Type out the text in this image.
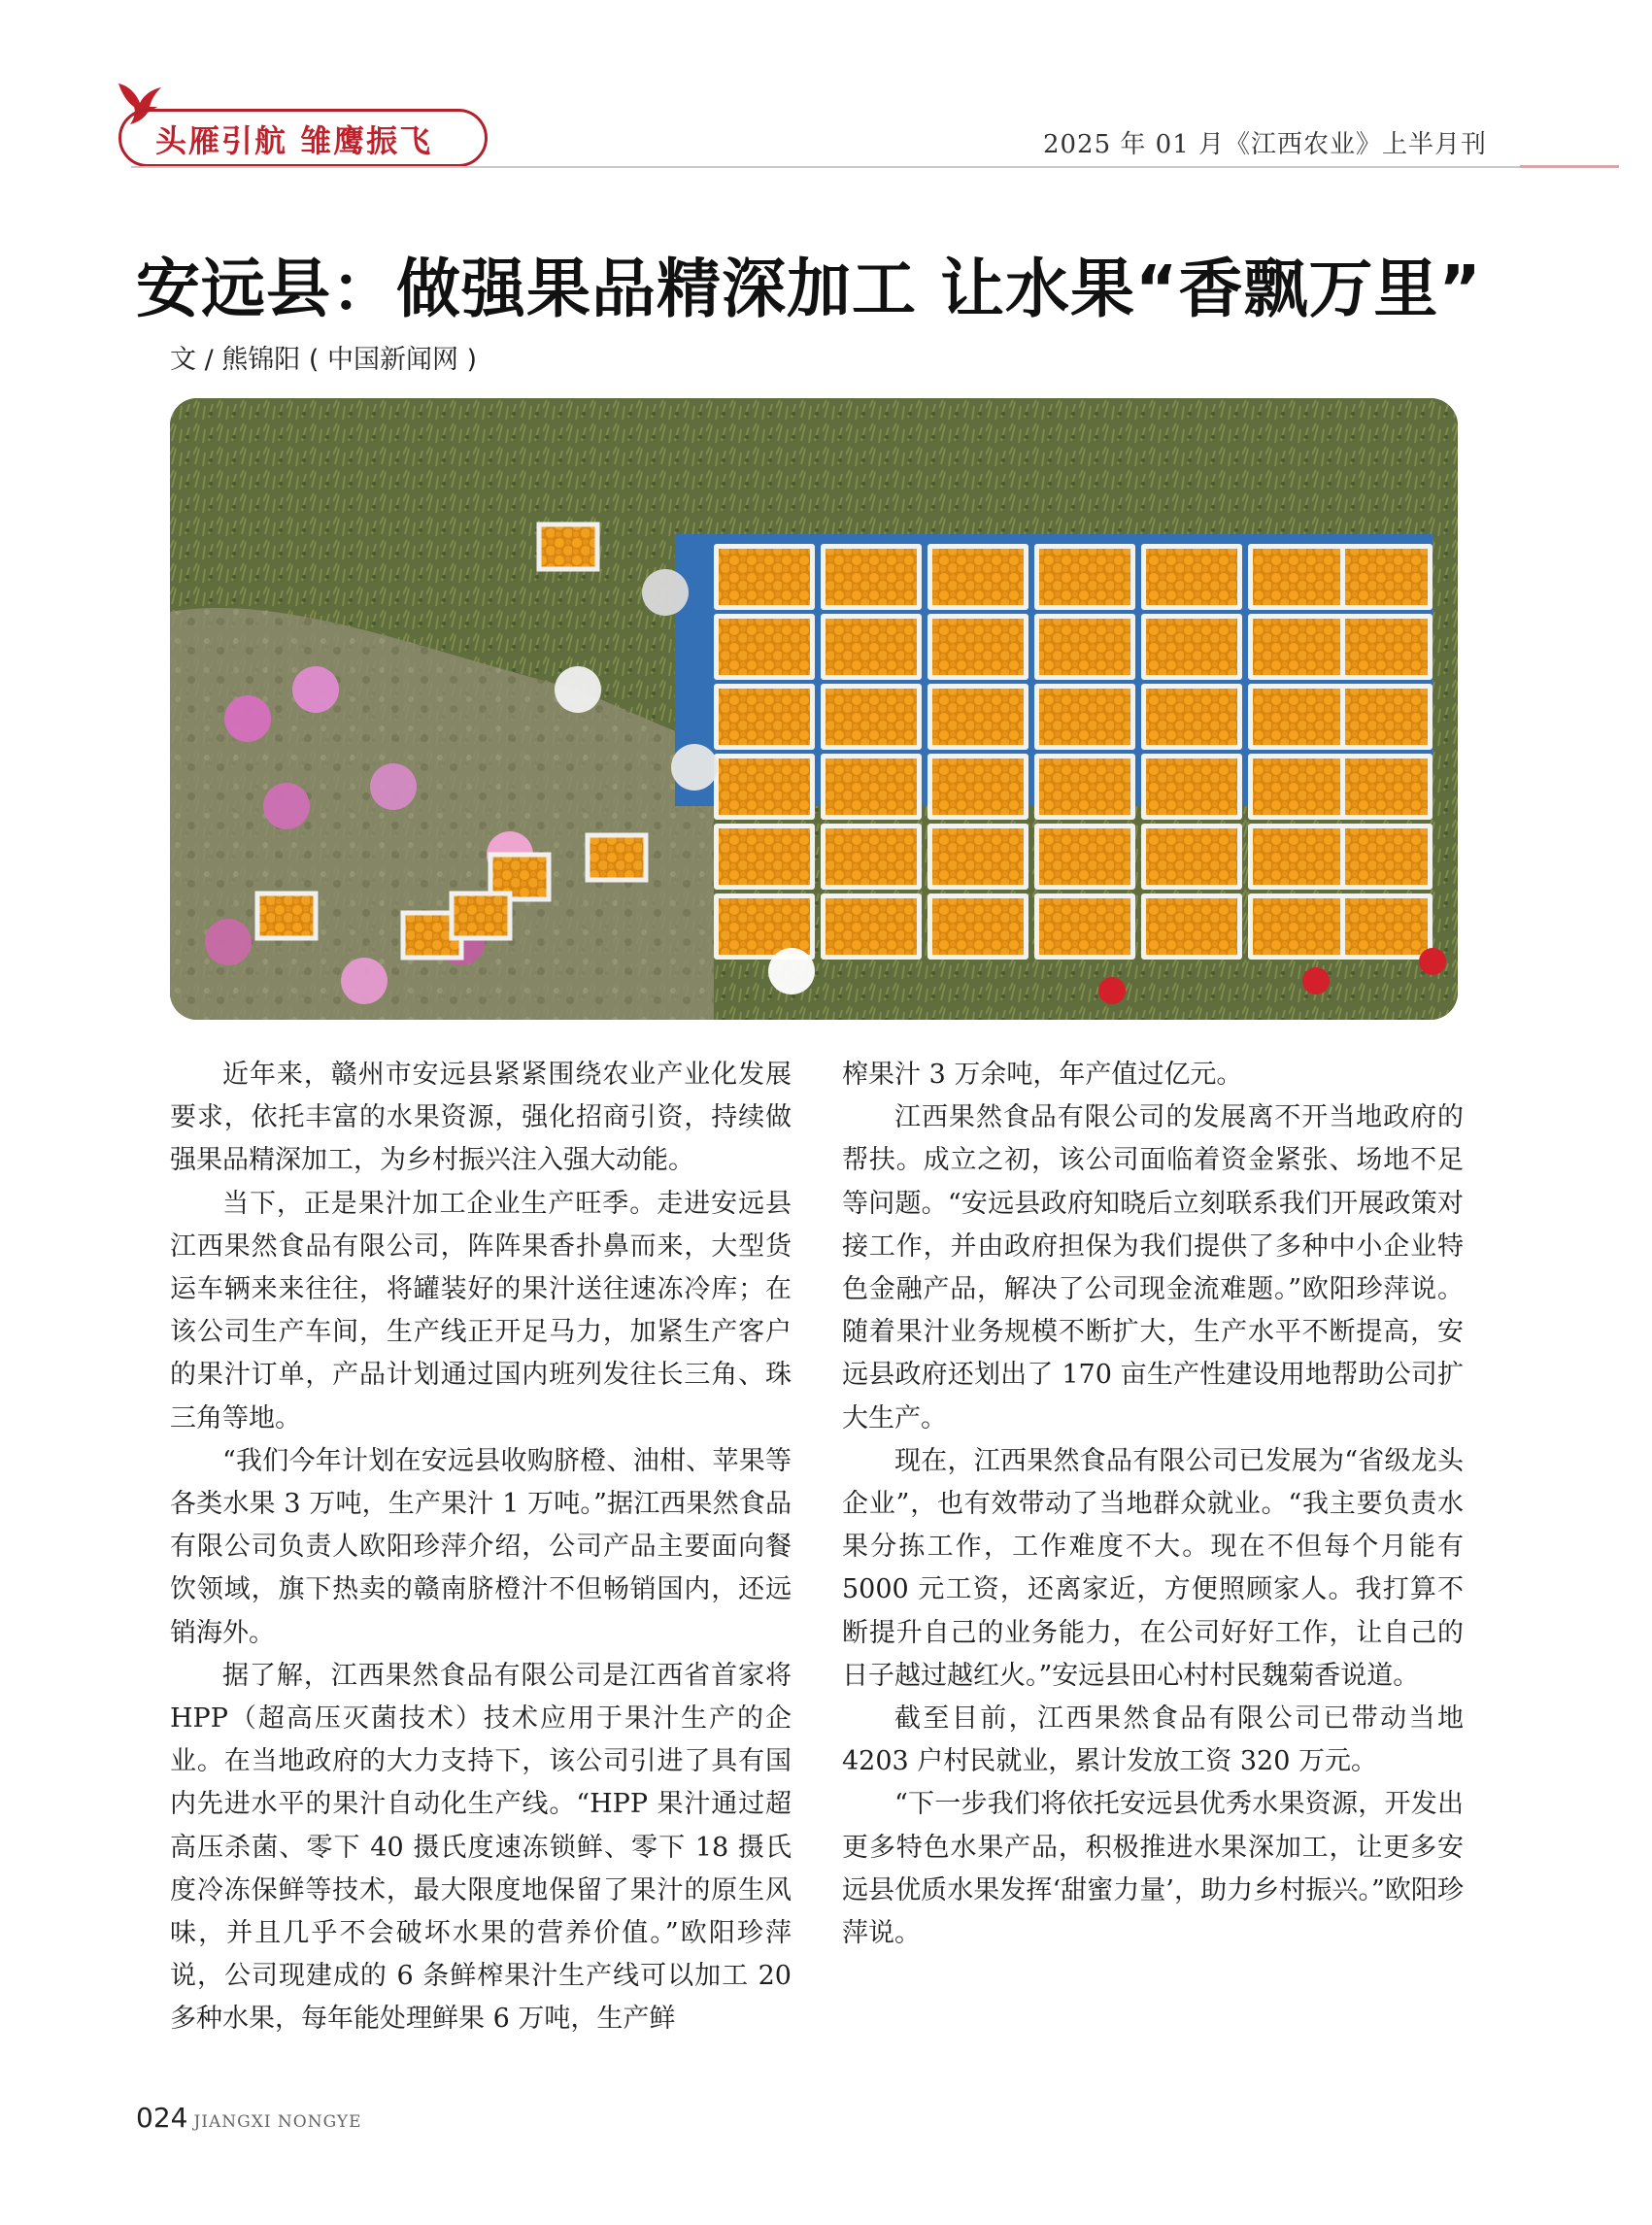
头雁引航 雏鹰振飞	2025 年 01 月《江西农业》上半月刊
安远县：做强果品精深加工 让水果“香飘万里”
文 / 熊锦阳 ( 中国新闻网 )

近年来，赣州市安远县紧紧围绕农业产业化发展要求，依托丰富的水果资源，强化招商引资，持续做强果品精深加工，为乡村振兴注入强大动能。

当下，正是果汁加工企业生产旺季。走进安远县江西果然食品有限公司，阵阵果香扑鼻而来，大型货运车辆来来往往，将罐装好的果汁送往速冻冷库；在该公司生产车间，生产线正开足马力，加紧生产客户的果汁订单，产品计划通过国内班列发往长三角、珠三角等地。

“我们今年计划在安远县收购脐橙、油柑、苹果等各类水果 3 万吨，生产果汁 1 万吨。”据江西果然食品有限公司负责人欧阳珍萍介绍，公司产品主要面向餐饮领域，旗下热卖的赣南脐橙汁不但畅销国内，还远销海外。

据了解，江西果然食品有限公司是江西省首家将 HPP（超高压灭菌技术）技术应用于果汁生产的企业。在当地政府的大力支持下，该公司引进了具有国内先进水平的果汁自动化生产线。“HPP 果汁通过超高压杀菌、零下 40 摄氏度速冻锁鲜、零下 18 摄氏度冷冻保鲜等技术，最大限度地保留了果汁的原生风味，并且几乎不会破坏水果的营养价值。”欧阳珍萍说，公司现建成的 6 条鲜榨果汁生产线可以加工 20 多种水果，每年能处理鲜果 6 万吨，生产鲜

榨果汁 3 万余吨，年产值过亿元。

江西果然食品有限公司的发展离不开当地政府的帮扶。成立之初，该公司面临着资金紧张、场地不足等问题。“安远县政府知晓后立刻联系我们开展政策对接工作，并由政府担保为我们提供了多种中小企业特色金融产品，解决了公司现金流难题。”欧阳珍萍说。随着果汁业务规模不断扩大，生产水平不断提高，安远县政府还划出了 170 亩生产性建设用地帮助公司扩大生产。

现在，江西果然食品有限公司已发展为“省级龙头企业”，也有效带动了当地群众就业。“我主要负责水果分拣工作，工作难度不大。现在不但每个月能有 5000 元工资，还离家近，方便照顾家人。我打算不断提升自己的业务能力，在公司好好工作，让自己的日子越过越红火。”安远县田心村村民魏菊香说道。

截至目前，江西果然食品有限公司已带动当地 4203 户村民就业，累计发放工资 320 万元。

“下一步我们将依托安远县优秀水果资源，开发出更多特色水果产品，积极推进水果深加工，让更多安远县优质水果发挥‘甜蜜力量’，助力乡村振兴。”欧阳珍萍说。

024 JIANGXI NONGYE
